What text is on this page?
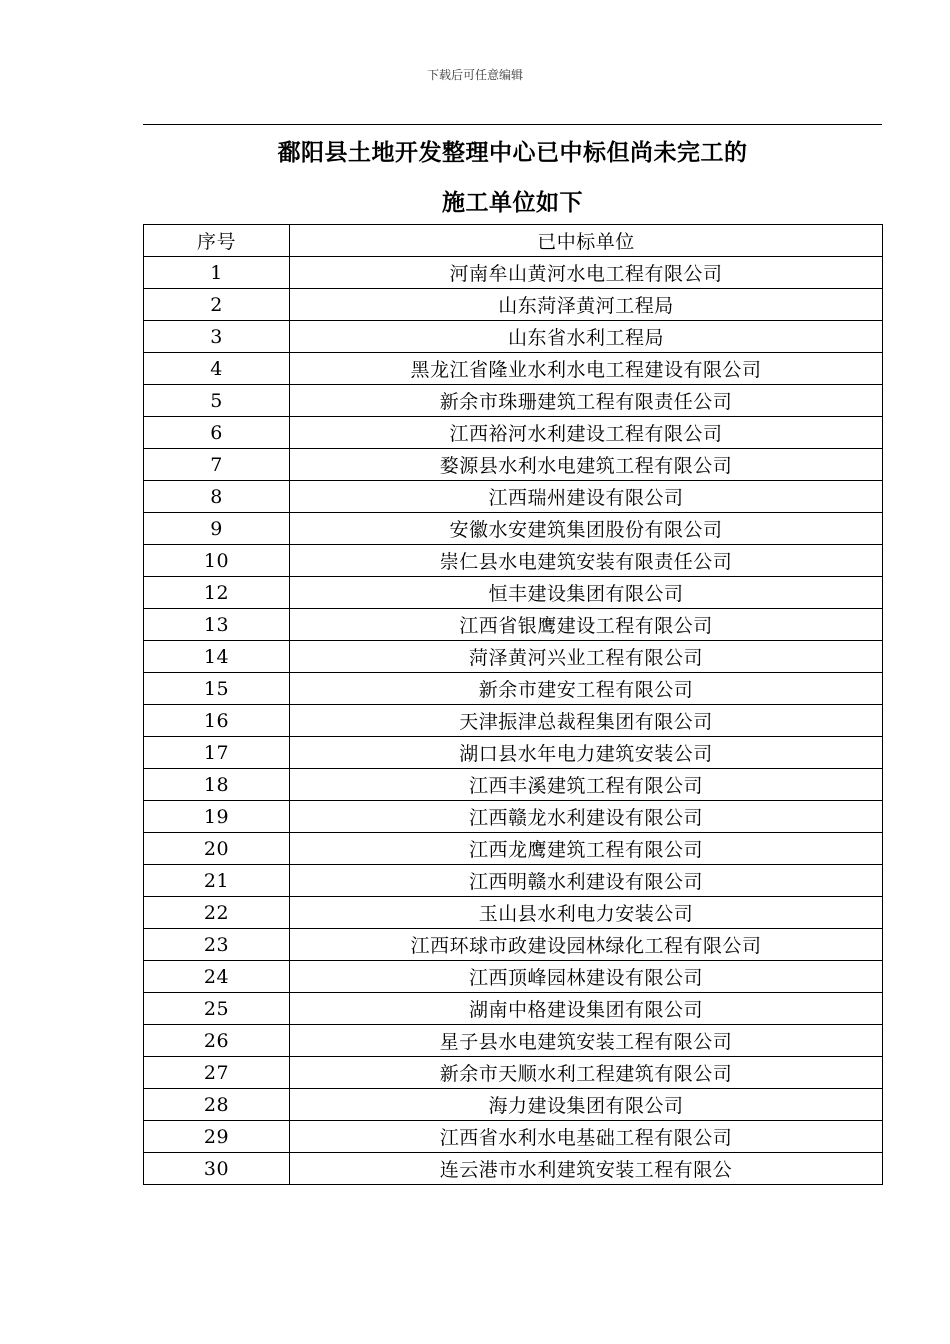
下载后可任意编辑
鄱阳县土地开发整理中心已中标但尚未完工的
施工单位如下
序号	已中标单位
1	河南牟山黄河水电工程有限公司
2	山东菏泽黄河工程局
3	山东省水利工程局
4	黑龙江省隆业水利水电工程建设有限公司
5	新余市珠珊建筑工程有限责任公司
6	江西裕河水利建设工程有限公司
7	婺源县水利水电建筑工程有限公司
8	江西瑞州建设有限公司
9	安徽水安建筑集团股份有限公司
10	崇仁县水电建筑安装有限责任公司
12	恒丰建设集团有限公司
13	江西省银鹰建设工程有限公司
14	菏泽黄河兴业工程有限公司
15	新余市建安工程有限公司
16	天津振津总裁程集团有限公司
17	湖口县水年电力建筑安装公司
18	江西丰溪建筑工程有限公司
19	江西赣龙水利建设有限公司
20	江西龙鹰建筑工程有限公司
21	江西明赣水利建设有限公司
22	玉山县水利电力安装公司
23	江西环球市政建设园林绿化工程有限公司
24	江西顶峰园林建设有限公司
25	湖南中格建设集团有限公司
26	星子县水电建筑安装工程有限公司
27	新余市天顺水利工程建筑有限公司
28	海力建设集团有限公司
29	江西省水利水电基础工程有限公司
30	连云港市水利建筑安装工程有限公
